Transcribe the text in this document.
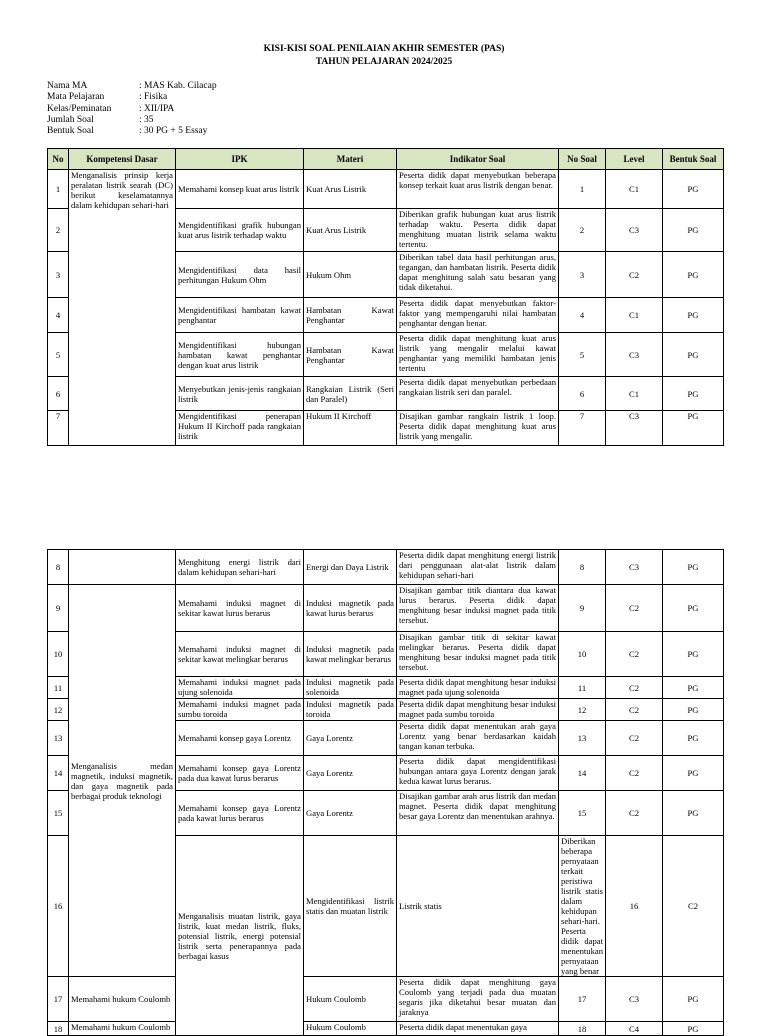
KISI-KISI SOAL PENILAIAN AKHIR SEMESTER (PAS)
TAHUN PELAJARAN 2024/2025
Nama MA	: MAS Kab. Cilacap
Mata Pelajaran	: Fisika
Kelas/Peminatan	: XII/IPA
Jumlah Soal	: 35
Bentuk Soal	: 30 PG + 5 Essay
No	Kompetensi Dasar	IPK	Materi	Indikator Soal	No Soal	Level	Bentuk Soal
1	Menganalisis prinsip kerja peralatan listrik searah (DC) berikut keselamatannya dalam kehidupan sehari-hari	Memahami konsep kuat arus listrik	Kuat Arus Listrik	Peserta didik dapat menyebutkan beberapa konsep terkait kuat arus listrik dengan benar.	1	C1	PG
2		Mengidentifikasi grafik hubungan kuat arus listrik terhadap waktu	Kuat Arus Listrik	Diberikan grafik hubungan kuat arus listrik terhadap waktu. Peserta didik dapat menghitung muatan listrik selama waktu tertentu.	2	C3	PG
3		Mengidentifikasi data hasil perhitungan Hukum Ohm	Hukum Ohm	Diberikan tabel data hasil perhitungan arus, tegangan, dan hambatan listrik. Peserta didik dapat menghitung salah satu besaran yang tidak diketahui.	3	C2	PG
4		Mengidentifikasi hambatan kawat penghantar	Hambatan Kawat Penghantar	Peserta didik dapat menyebutkan faktor-faktor yang mempengaruhi nilai hambatan penghantar dengan benar.	4	C1	PG
5		Mengidentifikasi hubungan hambatan kawat penghantar dengan kuat arus listrik	Hambatan Kawat Penghantar	Peserta didik dapat menghitung kuat arus listrik yang mengalir melalui kawat penghantar yang memiliki hambatan jenis tertentu	5	C3	PG
6		Menyebutkan jenis-jenis rangkaian listrik	Rangkaian Listrik (Seri dan Paralel)	Peserta didik dapat menyebutkan perbedaan rangkaian listrik seri dan paralel.	6	C1	PG
7		Mengidentifikasi penerapan Hukum II Kirchoff pada rangkaian listrik	Hukum II Kirchoff	Disajikan gambar rangkain listrik 1 loop. Peserta didik dapat menghitung kuat arus listrik yang mengalir.	7	C3	PG
8		Menghitung energi listrik dari dalam kehidupan sehari-hari	Energi dan Daya Listrik	Peserta didik dapat menghitung energi listrik dari penggunaan alat-alat listrik dalam kehidupan sehari-hari	8	C3	PG	
9	Menganalisis medan magnetik, induksi magnetik, dan gaya magnetik pada berbagai produk teknologi	Memahami induksi magnet di sekitar kawat lurus berarus	Induksi magnetik pada kawat lurus berarus	Disajikan gambar titik diantara dua kawat lurus berarus. Peserta didik dapat menghitung besar induksi magnet pada titik tersebut.	9	C2	PG	
10		Memahami induksi magnet di sekitar kawat melingkar berarus	Induksi magnetik pada kawat melingkar berarus	Disajikan gambar titik di sekitar kawat melingkar berarus. Peserta didik dapat menghitung besar induksi magnet pada titik tersebut.	10	C2	PG	
11		Memahami induksi magnet pada ujung solenoida	Induksi magnetik pada solenoida	Peserta didik dapat menghitung besar induksi magnet pada ujung solenoida	11	C2	PG	
12		Memahami induksi magnet pada sumbu toroida	Induksi magnetik pada toroida	Peserta didik dapat menghitung besar induksi magnet pada sumbu toroida	12	C2	PG	
13		Memahami konsep gaya Lorentz	Gaya Lorentz	Peserta didik dapat menentukan arah gaya Lorentz yang benar berdasarkan kaidah tangan kanan terbuka.	13	C2	PG	
14		Memahami konsep gaya Lorentz pada dua kawat lurus berarus	Gaya Lorentz	Peserta didik dapat mengidentifikasi hubungan antara gaya Lorentz dengan jarak kedua kawat lurus berarus.	14	C2	PG	
15		Memahami konsep gaya Lorentz pada kawat lurus berarus	Gaya Lorentz	Disajikan gambar arah arus listrik dan medan magnet. Peserta didik dapat menghitung besar gaya Lorentz dan menentukan arahnya.	15	C2	PG	
16		Menganalisis muatan listrik, gaya listrik, kuat medan listrik, fluks, potensial listrik, energi potensial listrik serta penerapannya pada berbagai kasus	Mengidentifikasi listrik statis dan muatan listrik	Listrik statis	Diberikan beberapa pernyataan terkait peristiwa listrik statis dalam kehidupan sehari-hari. Peserta didik dapat menentukan pernyataan yang benar	16	C2	
17	Memahami hukum Coulomb		Hukum Coulomb	Peserta didik dapat menghitung gaya Coulomb yang terjadi pada dua muatan segaris jika diketahui besar muatan dan jaraknya	17	C3	PG	
18	Memahami hukum Coulomb		Hukum Coulomb	Peserta didik dapat menentukan gaya	18	C4	PG	
